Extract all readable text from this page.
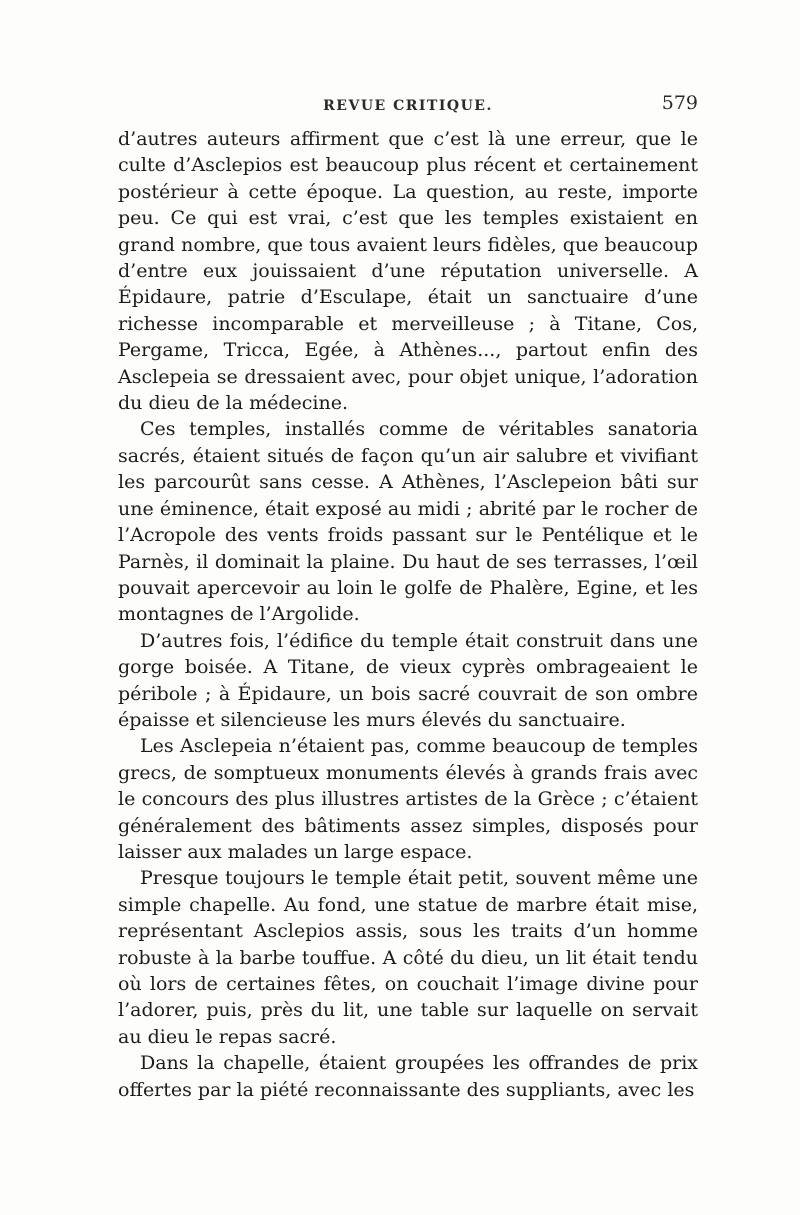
REVUE CRITIQUE.	579

d’autres auteurs affirment que c’est là une erreur, que le culte d’Asclepios est beaucoup plus récent et certainement postérieur à cette époque. La question, au reste, importe peu. Ce qui est vrai, c’est que les temples existaient en grand nombre, que tous avaient leurs fidèles, que beaucoup d’entre eux jouissaient d’une réputation universelle. A Épidaure, patrie d’Esculape, était un sanctuaire d’une richesse incomparable et merveilleuse ; à Titane, Cos, Pergame, Tricca, Egée, à Athènes..., partout enfin des Asclepeia se dressaient avec, pour objet unique, l’adoration du dieu de la médecine.

Ces temples, installés comme de véritables sanatoria sacrés, étaient situés de façon qu’un air salubre et vivifiant les parcourût sans cesse. A Athènes, l’Asclepeion bâti sur une éminence, était exposé au midi ; abrité par le rocher de l’Acropole des vents froids passant sur le Pentélique et le Parnès, il dominait la plaine. Du haut de ses terrasses, l’œil pouvait apercevoir au loin le golfe de Phalère, Egine, et les montagnes de l’Argolide.

D’autres fois, l’édifice du temple était construit dans une gorge boisée. A Titane, de vieux cyprès ombrageaient le péribole ; à Épidaure, un bois sacré couvrait de son ombre épaisse et silencieuse les murs élevés du sanctuaire.

Les Asclepeia n’étaient pas, comme beaucoup de temples grecs, de somptueux monuments élevés à grands frais avec le concours des plus illustres artistes de la Grèce ; c’étaient généralement des bâtiments assez simples, disposés pour laisser aux malades un large espace.

Presque toujours le temple était petit, souvent même une simple chapelle. Au fond, une statue de marbre était mise, représentant Asclepios assis, sous les traits d’un homme robuste à la barbe touffue. A côté du dieu, un lit était tendu où lors de certaines fêtes, on couchait l’image divine pour l’adorer, puis, près du lit, une table sur laquelle on servait au dieu le repas sacré.

Dans la chapelle, étaient groupées les offrandes de prix offertes par la piété reconnaissante des suppliants, avec les
